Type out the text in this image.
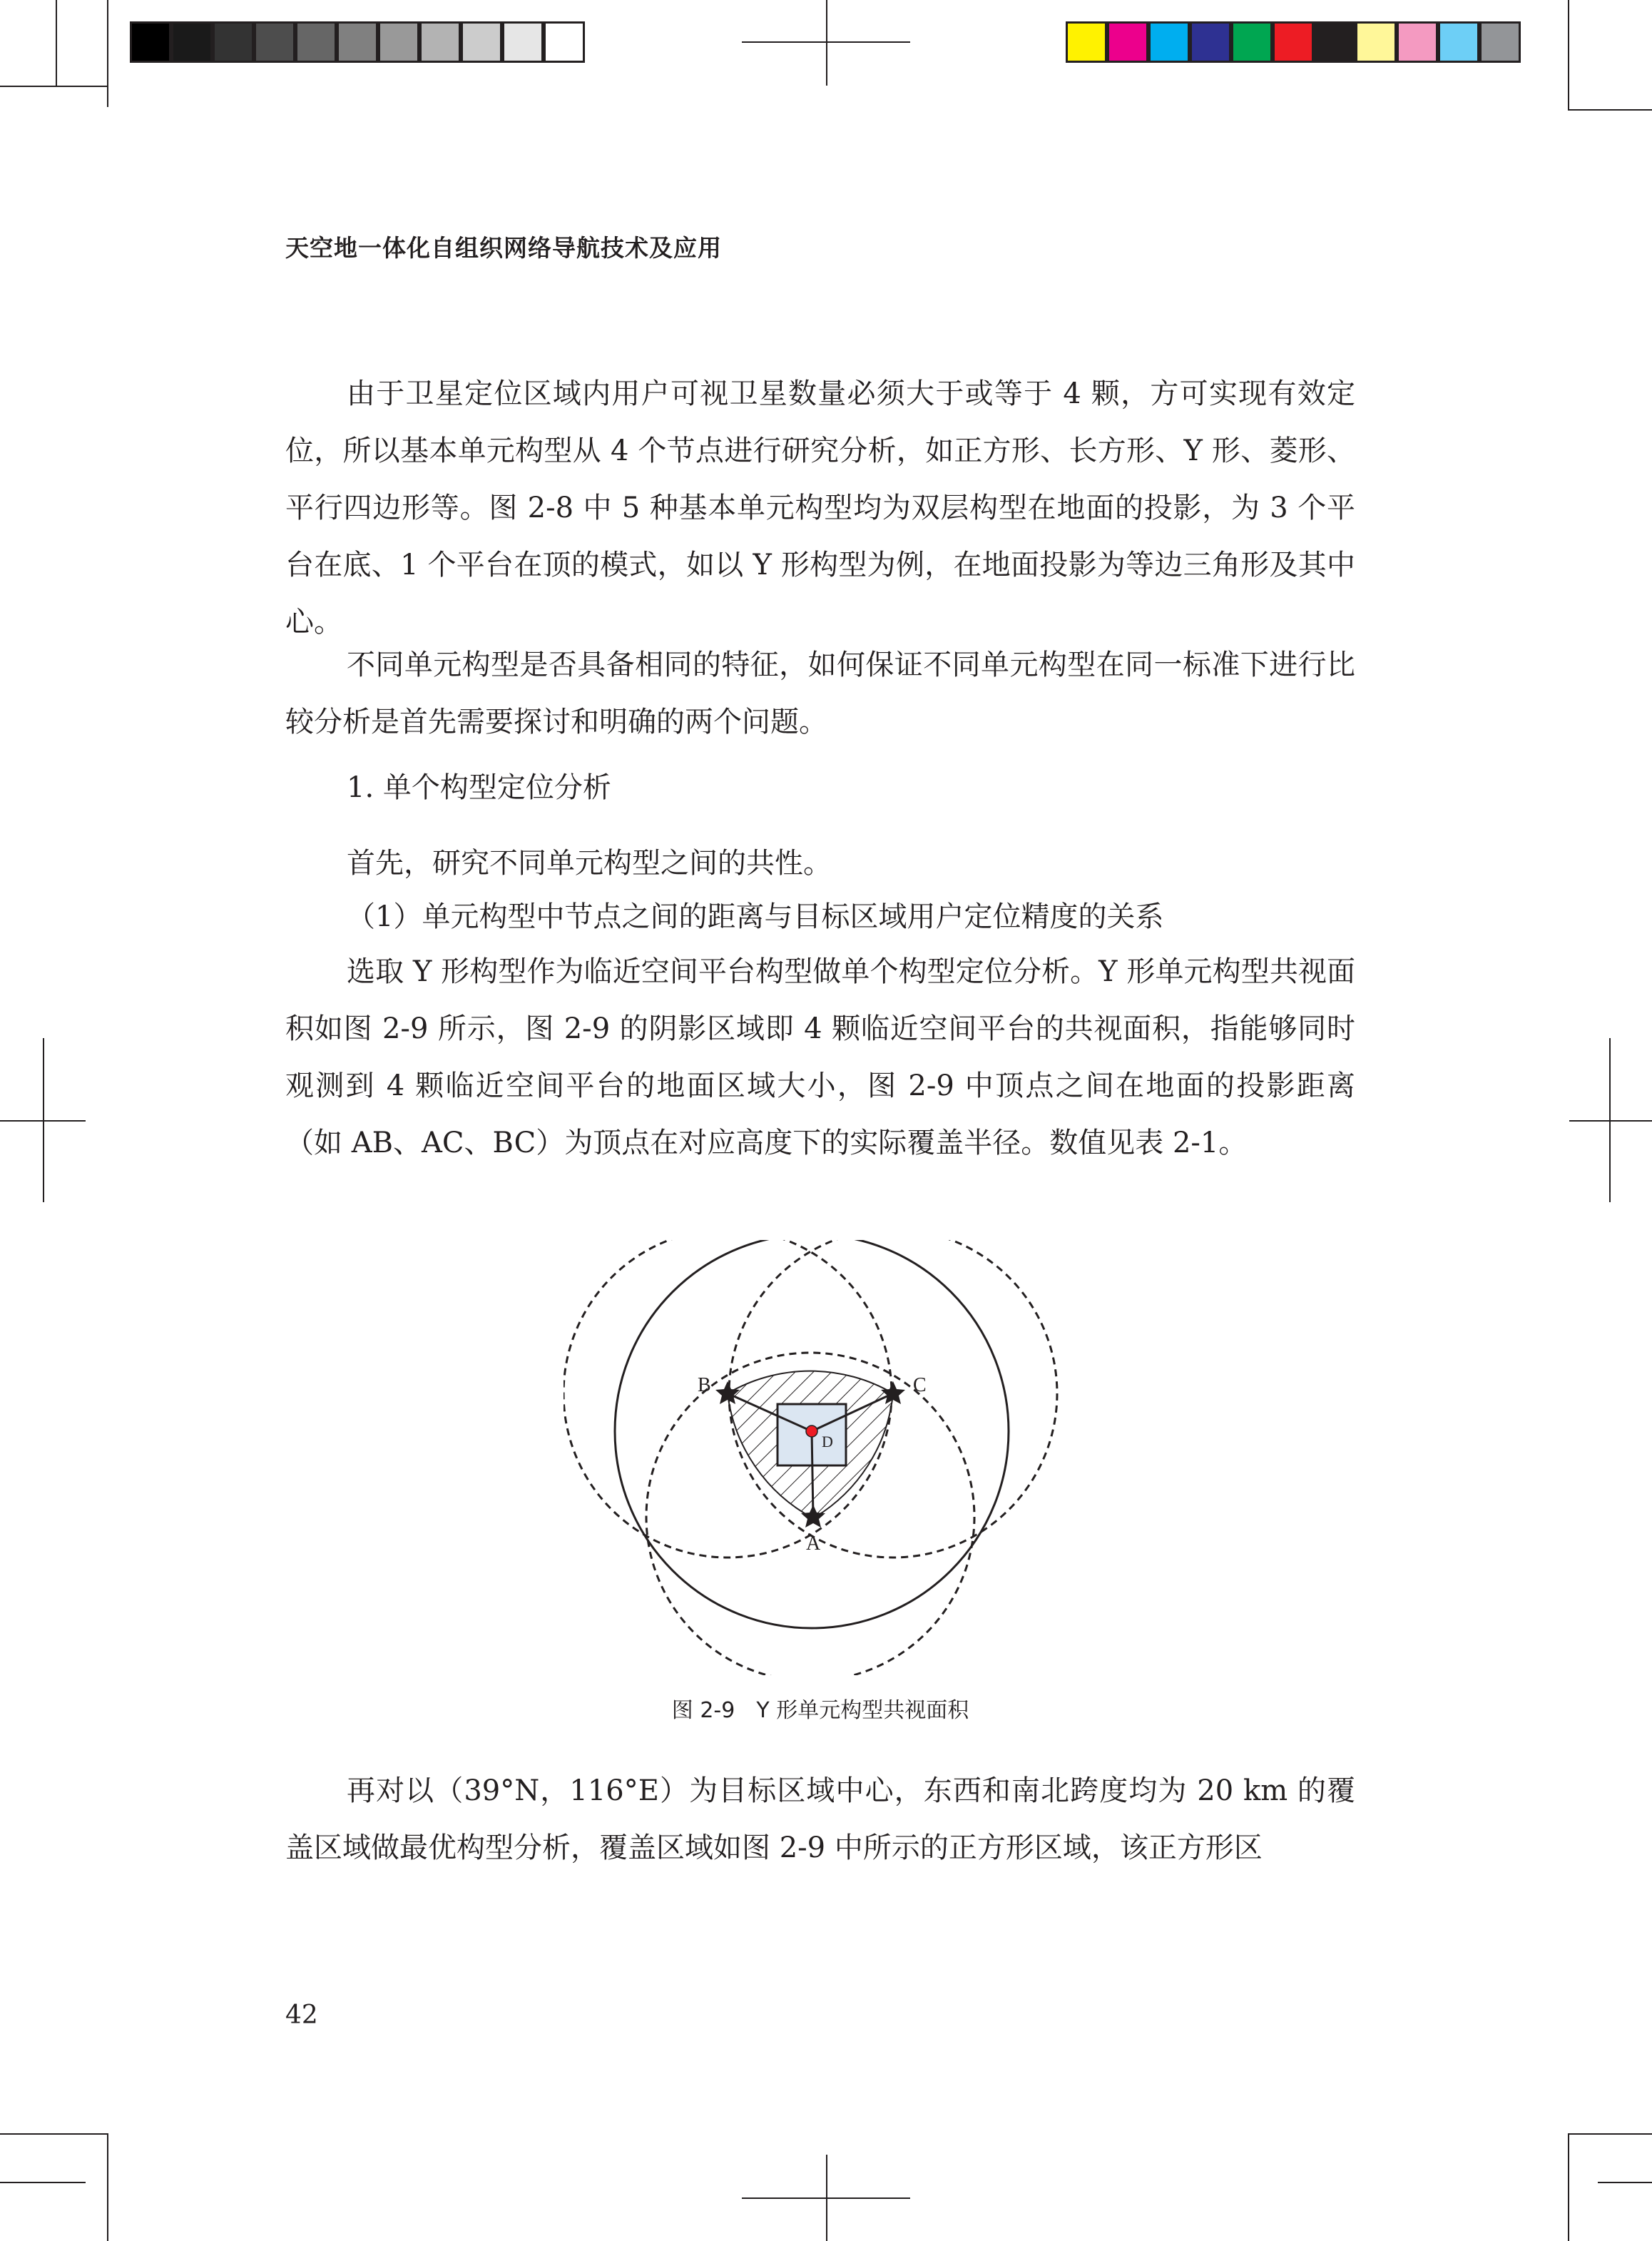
天空地一体化自组织网络导航技术及应用

由于卫星定位区域内用户可视卫星数量必须大于或等于 4 颗，方可实现有效定位，所以基本单元构型从 4 个节点进行研究分析，如正方形、长方形、Y 形、菱形、平行四边形等。图 2-8 中 5 种基本单元构型均为双层构型在地面的投影，为 3 个平台在底、1 个平台在顶的模式，如以 Y 形构型为例，在地面投影为等边三角形及其中心。

不同单元构型是否具备相同的特征，如何保证不同单元构型在同一标准下进行比较分析是首先需要探讨和明确的两个问题。

1. 单个构型定位分析

首先，研究不同单元构型之间的共性。

（1）单元构型中节点之间的距离与目标区域用户定位精度的关系

选取 Y 形构型作为临近空间平台构型做单个构型定位分析。Y 形单元构型共视面积如图 2-9 所示，图 2-9 的阴影区域即 4 颗临近空间平台的共视面积，指能够同时观测到 4 颗临近空间平台的地面区域大小，图 2-9 中顶点之间在地面的投影距离（如 AB、AC、BC）为顶点在对应高度下的实际覆盖半径。数值见表 2-1。

B	C
A
D
图 2-9　Y 形单元构型共视面积

再对以（39°N，116°E）为目标区域中心，东西和南北跨度均为 20 km 的覆盖区域做最优构型分析，覆盖区域如图 2-9 中所示的正方形区域，该正方形区

42
